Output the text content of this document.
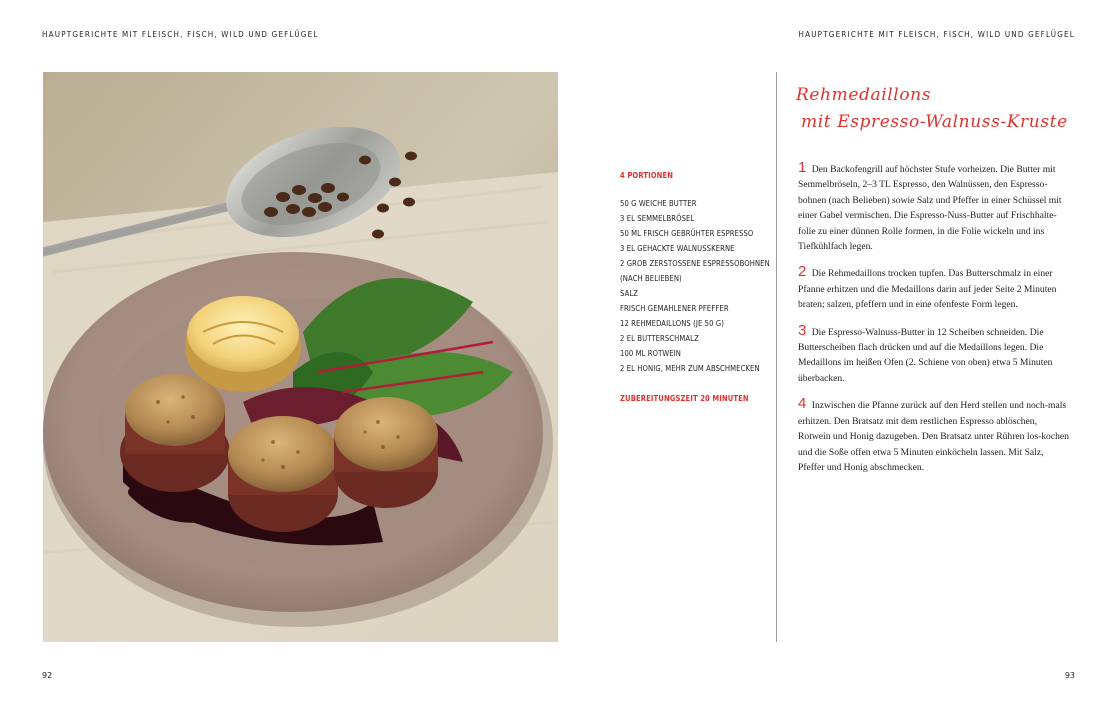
HAUPTGERICHTE MIT FLEISCH, FISCH, WILD UND GEFLÜGEL	HAUPTGERICHTE MIT FLEISCH, FISCH, WILD UND GEFLÜGEL
4 PORTIONEN
50 G WEICHE BUTTER
3 EL SEMMELBRÖSEL
50 ML FRISCH GEBRÜHTER ESPRESSO
3 EL GEHACKTE WALNUSSKERNE
2 GROB ZERSTOSSENE ESPRESSOBOHNEN
(NACH BELIEBEN)
SALZ
FRISCH GEMAHLENER PFEFFER
12 REHMEDAILLONS (JE 50 G)
2 EL BUTTERSCHMALZ
100 ML ROTWEIN
2 EL HONIG, MEHR ZUM ABSCHMECKEN
ZUBEREITUNGSZEIT 20 MINUTEN
Rehmedaillons
mit Espresso-Walnuss-Kruste

1 Den Backofengrill auf höchster Stufe vorheizen. Die Butter mit Semmelbröseln, 2–3 TL Espresso, den Walnüssen, den Espresso-bohnen (nach Belieben) sowie Salz und Pfeffer in einer Schüssel mit einer Gabel vermischen. Die Espresso-Nuss-Butter auf Frischhalte-folie zu einer dünnen Rolle formen, in die Folie wickeln und ins Tiefkühlfach legen.

2 Die Rehmedaillons trocken tupfen. Das Butterschmalz in einer Pfanne erhitzen und die Medaillons darin auf jeder Seite 2 Minuten braten; salzen, pfeffern und in eine ofenfeste Form legen.

3 Die Espresso-Walnuss-Butter in 12 Scheiben schneiden. Die Butterscheiben flach drücken und auf die Medaillons legen. Die Medaillons im heißen Ofen (2. Schiene von oben) etwa 5 Minuten überbacken.

4 Inzwischen die Pfanne zurück auf den Herd stellen und noch-mals erhitzen. Den Bratsatz mit dem restlichen Espresso ablöschen, Rotwein und Honig dazugeben. Den Bratsatz unter Rühren los-kochen und die Soße offen etwa 5 Minuten einköcheln lassen. Mit Salz, Pfeffer und Honig abschmecken.

92	93
